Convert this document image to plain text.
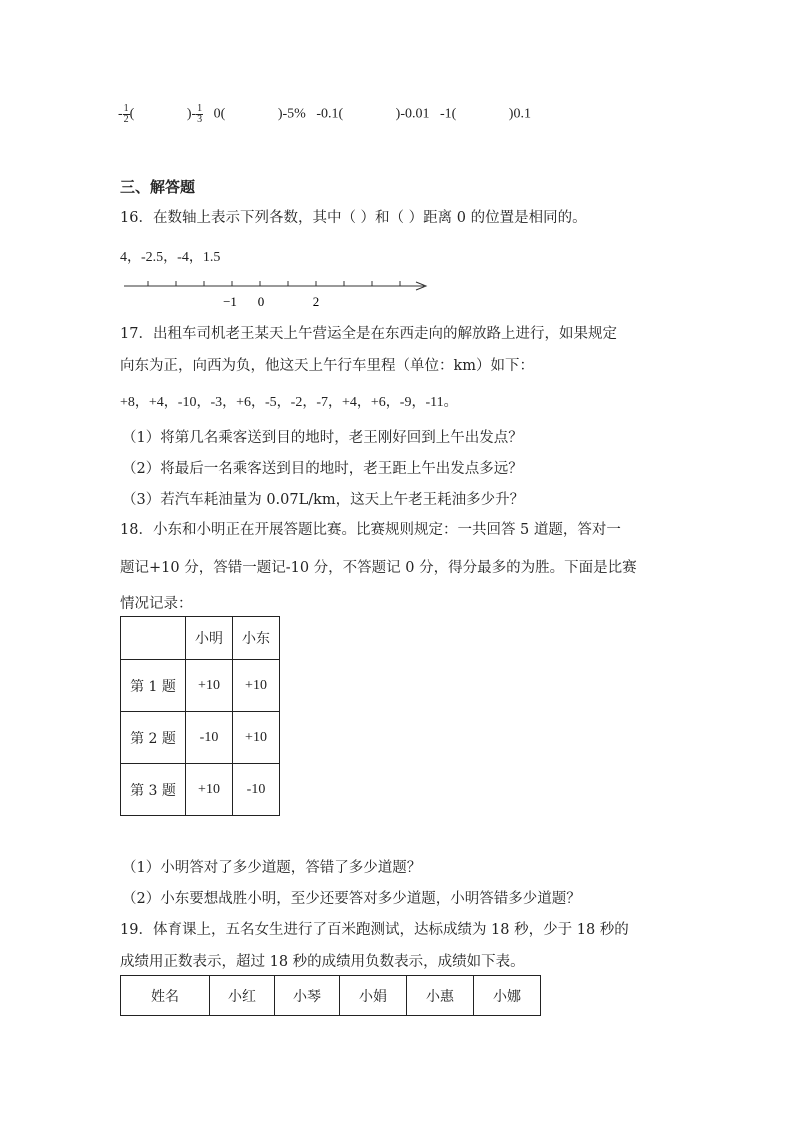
- $\frac{1}{2}$ (               )- $\frac{1}{3} 0$(               )-5% -0.1(               )-0.01 -1(               )0.1
三、解答题
16．在数轴上表示下列各数，其中（ ）和（ ）距离 0 的位置是相同的。
4，-2.5，-4，1.5
−1 0	2
17．出租车司机老王某天上午营运全是在东西走向的解放路上进行，如果规定
向东为正，向西为负，他这天上午行车里程（单位：km）如下：
+8，+4，-10，-3，+6，-5，-2，-7，+4，+6，-9，-11。
（1）将第几名乘客送到目的地时，老王刚好回到上午出发点？
（2）将最后一名乘客送到目的地时，老王距上午出发点多远？
（3）若汽车耗油量为 0.07L/km，这天上午老王耗油多少升？
18．小东和小明正在开展答题比赛。比赛规则规定：一共回答 5 道题，答对一
题记+10 分，答错一题记-10 分，不答题记 0 分，得分最多的为胜。下面是比赛
情况记录：
	小明	小东
第 1 题	+10	+10
第 2 题	-10	+10
第 3 题	+10	-10
（1）小明答对了多少道题，答错了多少道题？
（2）小东要想战胜小明，至少还要答对多少道题，小明答错多少道题？
19．体育课上，五名女生进行了百米跑测试，达标成绩为 18 秒，少于 18 秒的
成绩用正数表示，超过 18 秒的成绩用负数表示，成绩如下表。
姓名	小红	小琴	小娟	小惠	小娜
